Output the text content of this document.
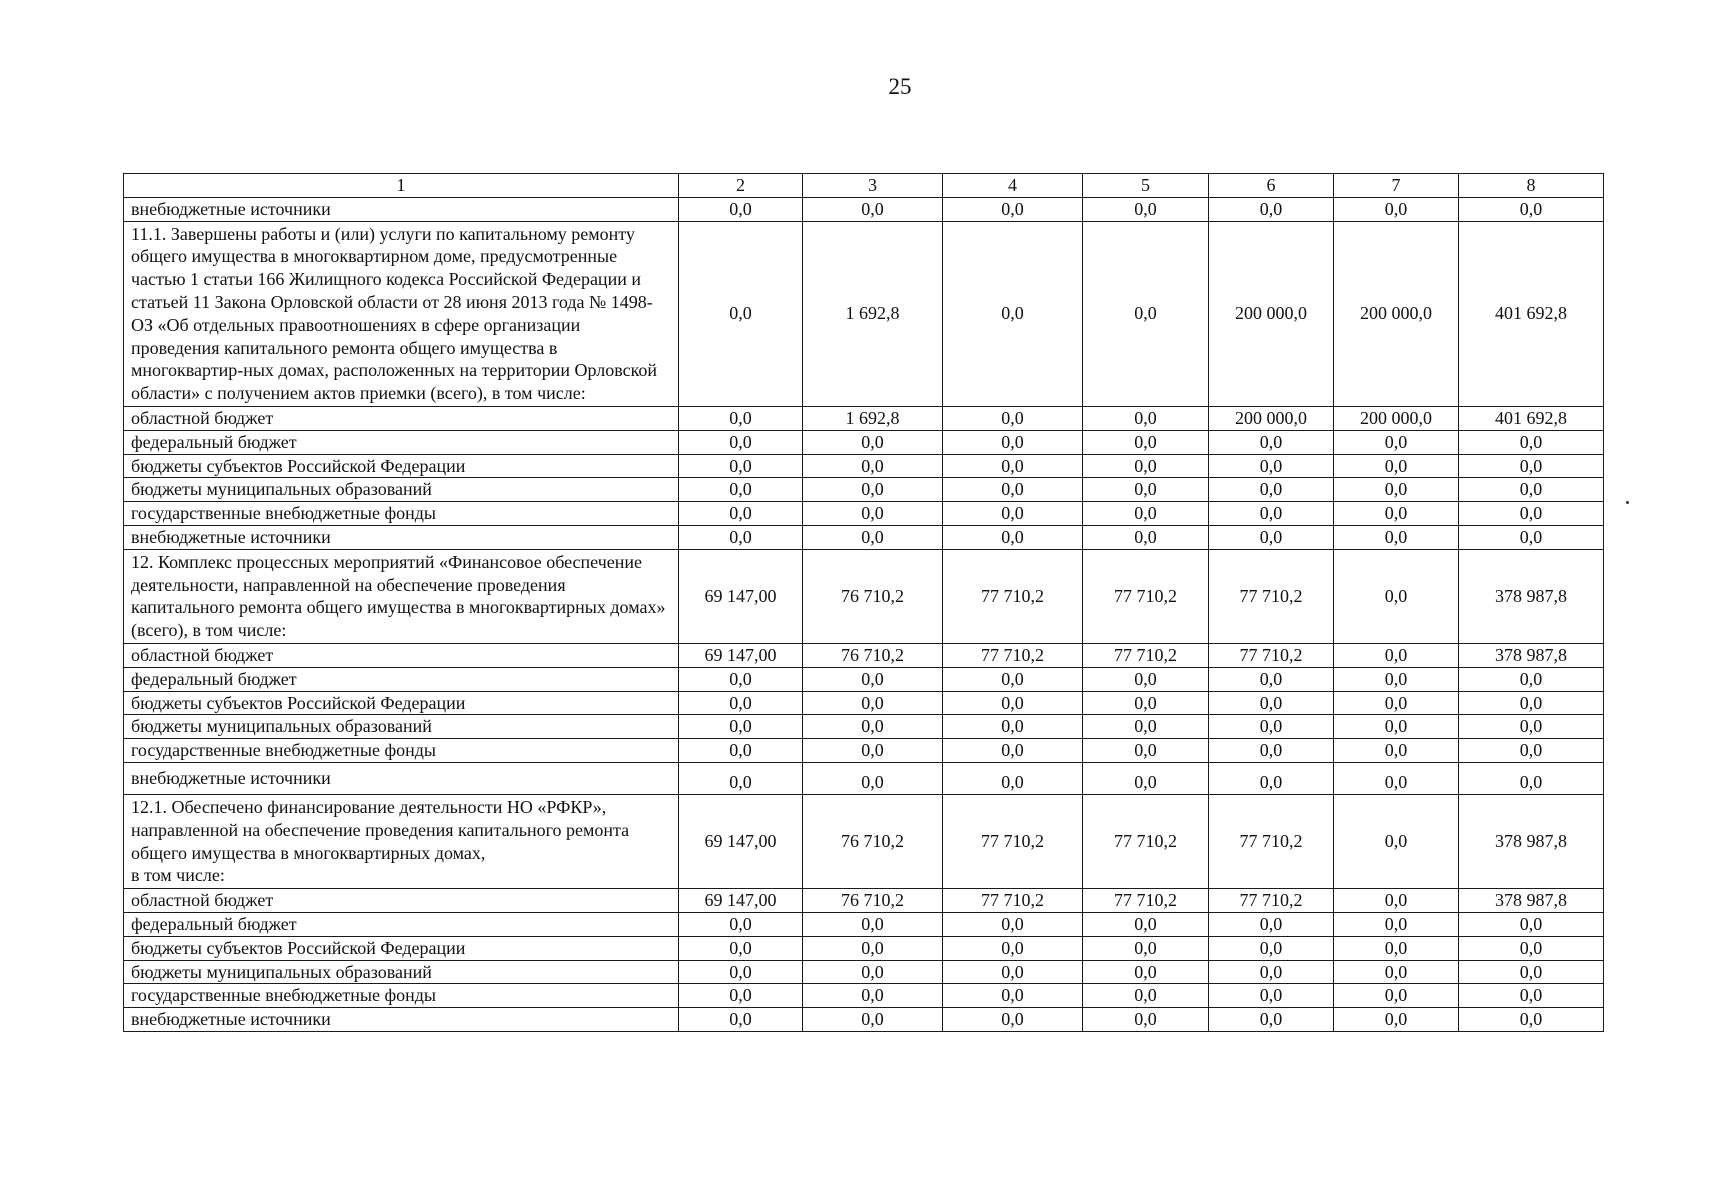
25
1	2	3	4	5	6	7	8
внебюджетные источники	0,0	0,0	0,0	0,0	0,0	0,0	0,0
11.1. Завершены работы и (или) услуги по капитальному ремонту общего имущества в многоквартирном доме, предусмотренные частью 1 статьи 166 Жилищного кодекса Российской Федерации и статьей 11 Закона Орловской области от 28 июня 2013 года № 1498-ОЗ «Об отдельных правоотношениях в сфере организации проведения капитального ремонта общего имущества в многоквартир-ных домах, расположенных на территории Орловской области» с получением актов приемки (всего), в том числе:	0,0	1 692,8	0,0	0,0	200 000,0	200 000,0	401 692,8
областной бюджет	0,0	1 692,8	0,0	0,0	200 000,0	200 000,0	401 692,8
федеральный бюджет	0,0	0,0	0,0	0,0	0,0	0,0	0,0
бюджеты субъектов Российской Федерации	0,0	0,0	0,0	0,0	0,0	0,0	0,0
бюджеты муниципальных образований	0,0	0,0	0,0	0,0	0,0	0,0	0,0
государственные внебюджетные фонды	0,0	0,0	0,0	0,0	0,0	0,0	0,0
внебюджетные источники	0,0	0,0	0,0	0,0	0,0	0,0	0,0
12. Комплекс процессных мероприятий «Финансовое обеспечение деятельности, направленной на обеспечение проведения капитального ремонта общего имущества в многоквартирных домах» (всего), в том числе:	69 147,00	76 710,2	77 710,2	77 710,2	77 710,2	0,0	378 987,8
областной бюджет	69 147,00	76 710,2	77 710,2	77 710,2	77 710,2	0,0	378 987,8
федеральный бюджет	0,0	0,0	0,0	0,0	0,0	0,0	0,0
бюджеты субъектов Российской Федерации	0,0	0,0	0,0	0,0	0,0	0,0	0,0
бюджеты муниципальных образований	0,0	0,0	0,0	0,0	0,0	0,0	0,0
государственные внебюджетные фонды	0,0	0,0	0,0	0,0	0,0	0,0	0,0
внебюджетные источники	0,0	0,0	0,0	0,0	0,0	0,0	0,0
12.1. Обеспечено финансирование деятельности НО «РФКР», направленной на обеспечение проведения капитального ремонта общего имущества в многоквартирных домах,
в том числе:	69 147,00	76 710,2	77 710,2	77 710,2	77 710,2	0,0	378 987,8
областной бюджет	69 147,00	76 710,2	77 710,2	77 710,2	77 710,2	0,0	378 987,8
федеральный бюджет	0,0	0,0	0,0	0,0	0,0	0,0	0,0
бюджеты субъектов Российской Федерации	0,0	0,0	0,0	0,0	0,0	0,0	0,0
бюджеты муниципальных образований	0,0	0,0	0,0	0,0	0,0	0,0	0,0
государственные внебюджетные фонды	0,0	0,0	0,0	0,0	0,0	0,0	0,0
внебюджетные источники	0,0	0,0	0,0	0,0	0,0	0,0	0,0
